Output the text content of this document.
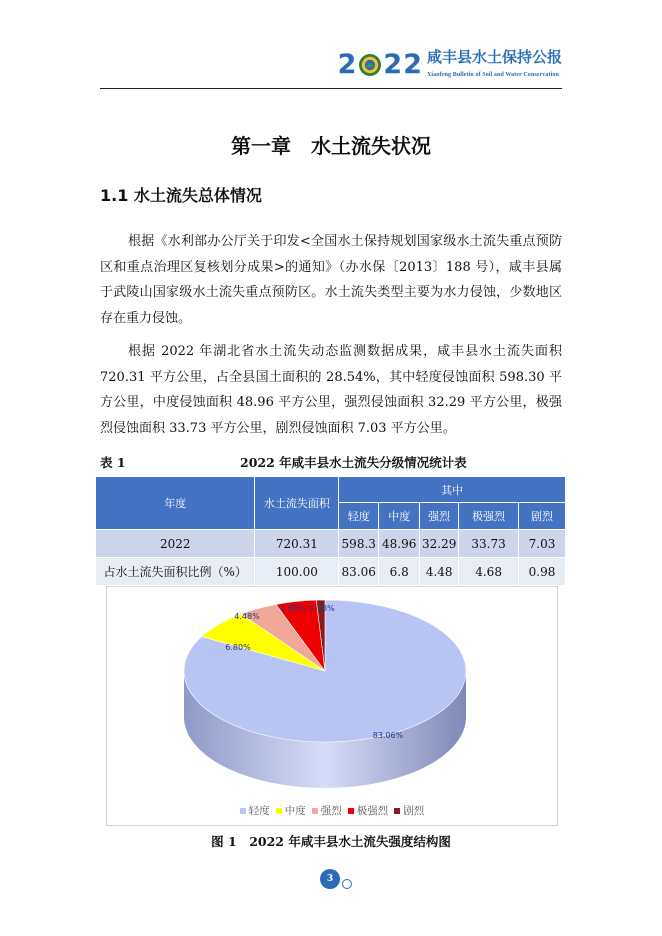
2 2 2 咸丰县水土保持公报
Xianfeng Bulletin of Soil and Water Conservation
第一章　水土流失状况
1.1 水土流失总体情况
根据《水利部办公厅关于印发<全国水土保持规划国家级水土流失重点预防区和重点治理区复核划分成果>的通知》（办水保〔2013〕188 号），咸丰县属于武陵山国家级水土流失重点预防区。水土流失类型主要为水力侵蚀，少数地区存在重力侵蚀。
根据 2022 年湖北省水土流失动态监测数据成果，咸丰县水土流失面积 720.31 平方公里，占全县国土面积的 28.54%，其中轻度侵蚀面积 598.30 平方公里，中度侵蚀面积 48.96 平方公里，强烈侵蚀面积 32.29 平方公里，极强烈侵蚀面积 33.73 平方公里，剧烈侵蚀面积 7.03 平方公里。
表 1	2022 年咸丰县水土流失分级情况统计表
年度	水土流失面积	其中				
		轻度	中度	强烈	极强烈	剧烈
2022	720.31	598.3	48.96	32.29	33.73	7.03
占水土流失面积比例（%）	100.00	83.06	6.8	4.48	4.68	0.98
83.06%
6.80%
4.48%
4.68% 0.98%
轻度 中度 强烈 极强烈 剧烈
图 1　2022 年咸丰县水土流失强度结构图
3
